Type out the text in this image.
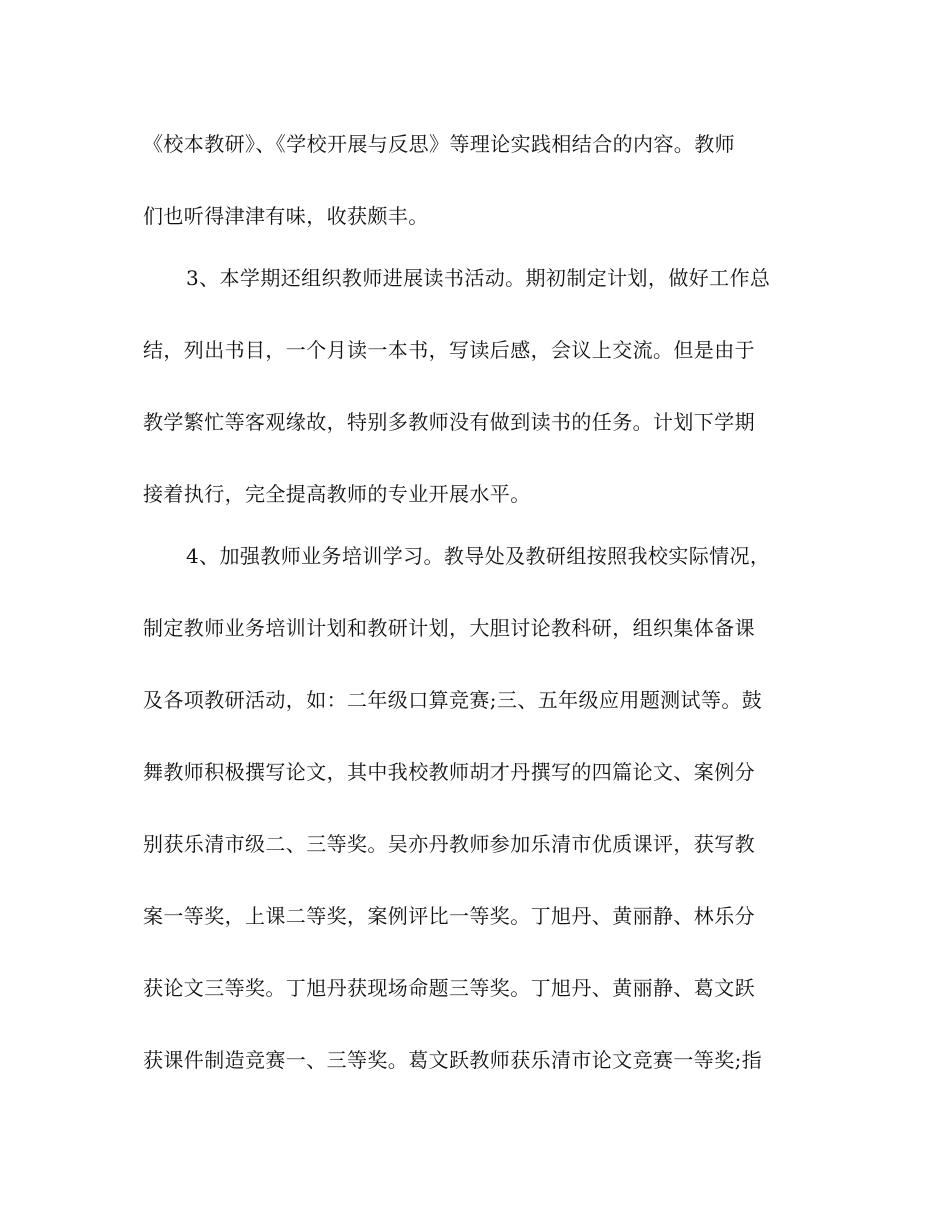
《校本教研》、《学校开展与反思》等理论实践相结合的内容。教师

们也听得津津有味，收获颇丰。

3、本学期还组织教师进展读书活动。期初制定计划，做好工作总

结，列出书目，一个月读一本书，写读后感，会议上交流。但是由于

教学繁忙等客观缘故，特别多教师没有做到读书的任务。计划下学期

接着执行，完全提高教师的专业开展水平。

4、加强教师业务培训学习。教导处及教研组按照我校实际情况，

制定教师业务培训计划和教研计划，大胆讨论教科研，组织集体备课

及各项教研活动，如：二年级口算竞赛;三、五年级应用题测试等。鼓

舞教师积极撰写论文，其中我校教师胡才丹撰写的四篇论文、案例分

别获乐清市级二、三等奖。吴亦丹教师参加乐清市优质课评，获写教

案一等奖，上课二等奖，案例评比一等奖。丁旭丹、黄丽静、林乐分

获论文三等奖。丁旭丹获现场命题三等奖。丁旭丹、黄丽静、葛文跃

获课件制造竞赛一、三等奖。葛文跃教师获乐清市论文竞赛一等奖;指
